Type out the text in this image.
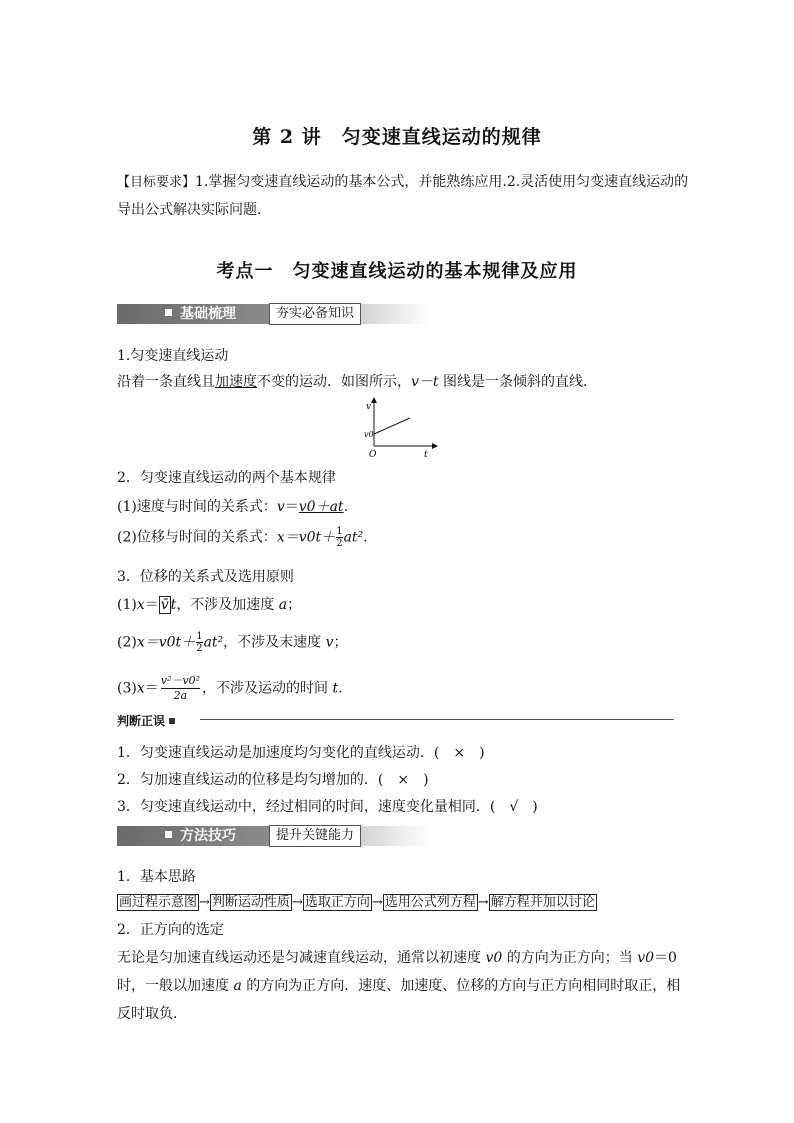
第 2 讲　匀变速直线运动的规律
【目标要求】1.掌握匀变速直线运动的基本公式，并能熟练应用.2.灵活使用匀变速直线运动的
导出公式解决实际问题．
考点一　匀变速直线运动的基本规律及应用
基础梳理	夯实必备知识
1.匀变速直线运动
沿着一条直线且加速度不变的运动．如图所示，v－t 图线是一条倾斜的直线．
v
v0
O	t
2．匀变速直线运动的两个基本规律
(1)速度与时间的关系式：v＝v0＋at.
(2)位移与时间的关系式：$x=v0t+ \frac{1}{2} at^2$.
3．位移的关系式及选用原则
(1)x＝ v̄ t，不涉及加速度 a；
$(2)x=v0t+ \frac{1}{2} at^2$，不涉及末速度 v；
$(3)x= \frac{\text{v²－v0²}}{2a}$ ，不涉及运动的时间 t.
判断正误
1．匀变速直线运动是加速度均匀变化的直线运动．(　×　)
2．匀加速直线运动的位移是均匀增加的．(　×　)
3．匀变速直线运动中，经过相同的时间，速度变化量相同．(　√　)
方法技巧	提升关键能力
1．基本思路
画过程示意图 → 判断运动性质 → 选取正方向 → 选用公式列方程 → 解方程并加以讨论
2．正方向的选定
无论是匀加速直线运动还是匀减速直线运动，通常以初速度 v0 的方向为正方向；当 v0＝0 时，一般以加速度 a 的方向为正方向．速度、加速度、位移的方向与正方向相同时取正，相反时取负．
